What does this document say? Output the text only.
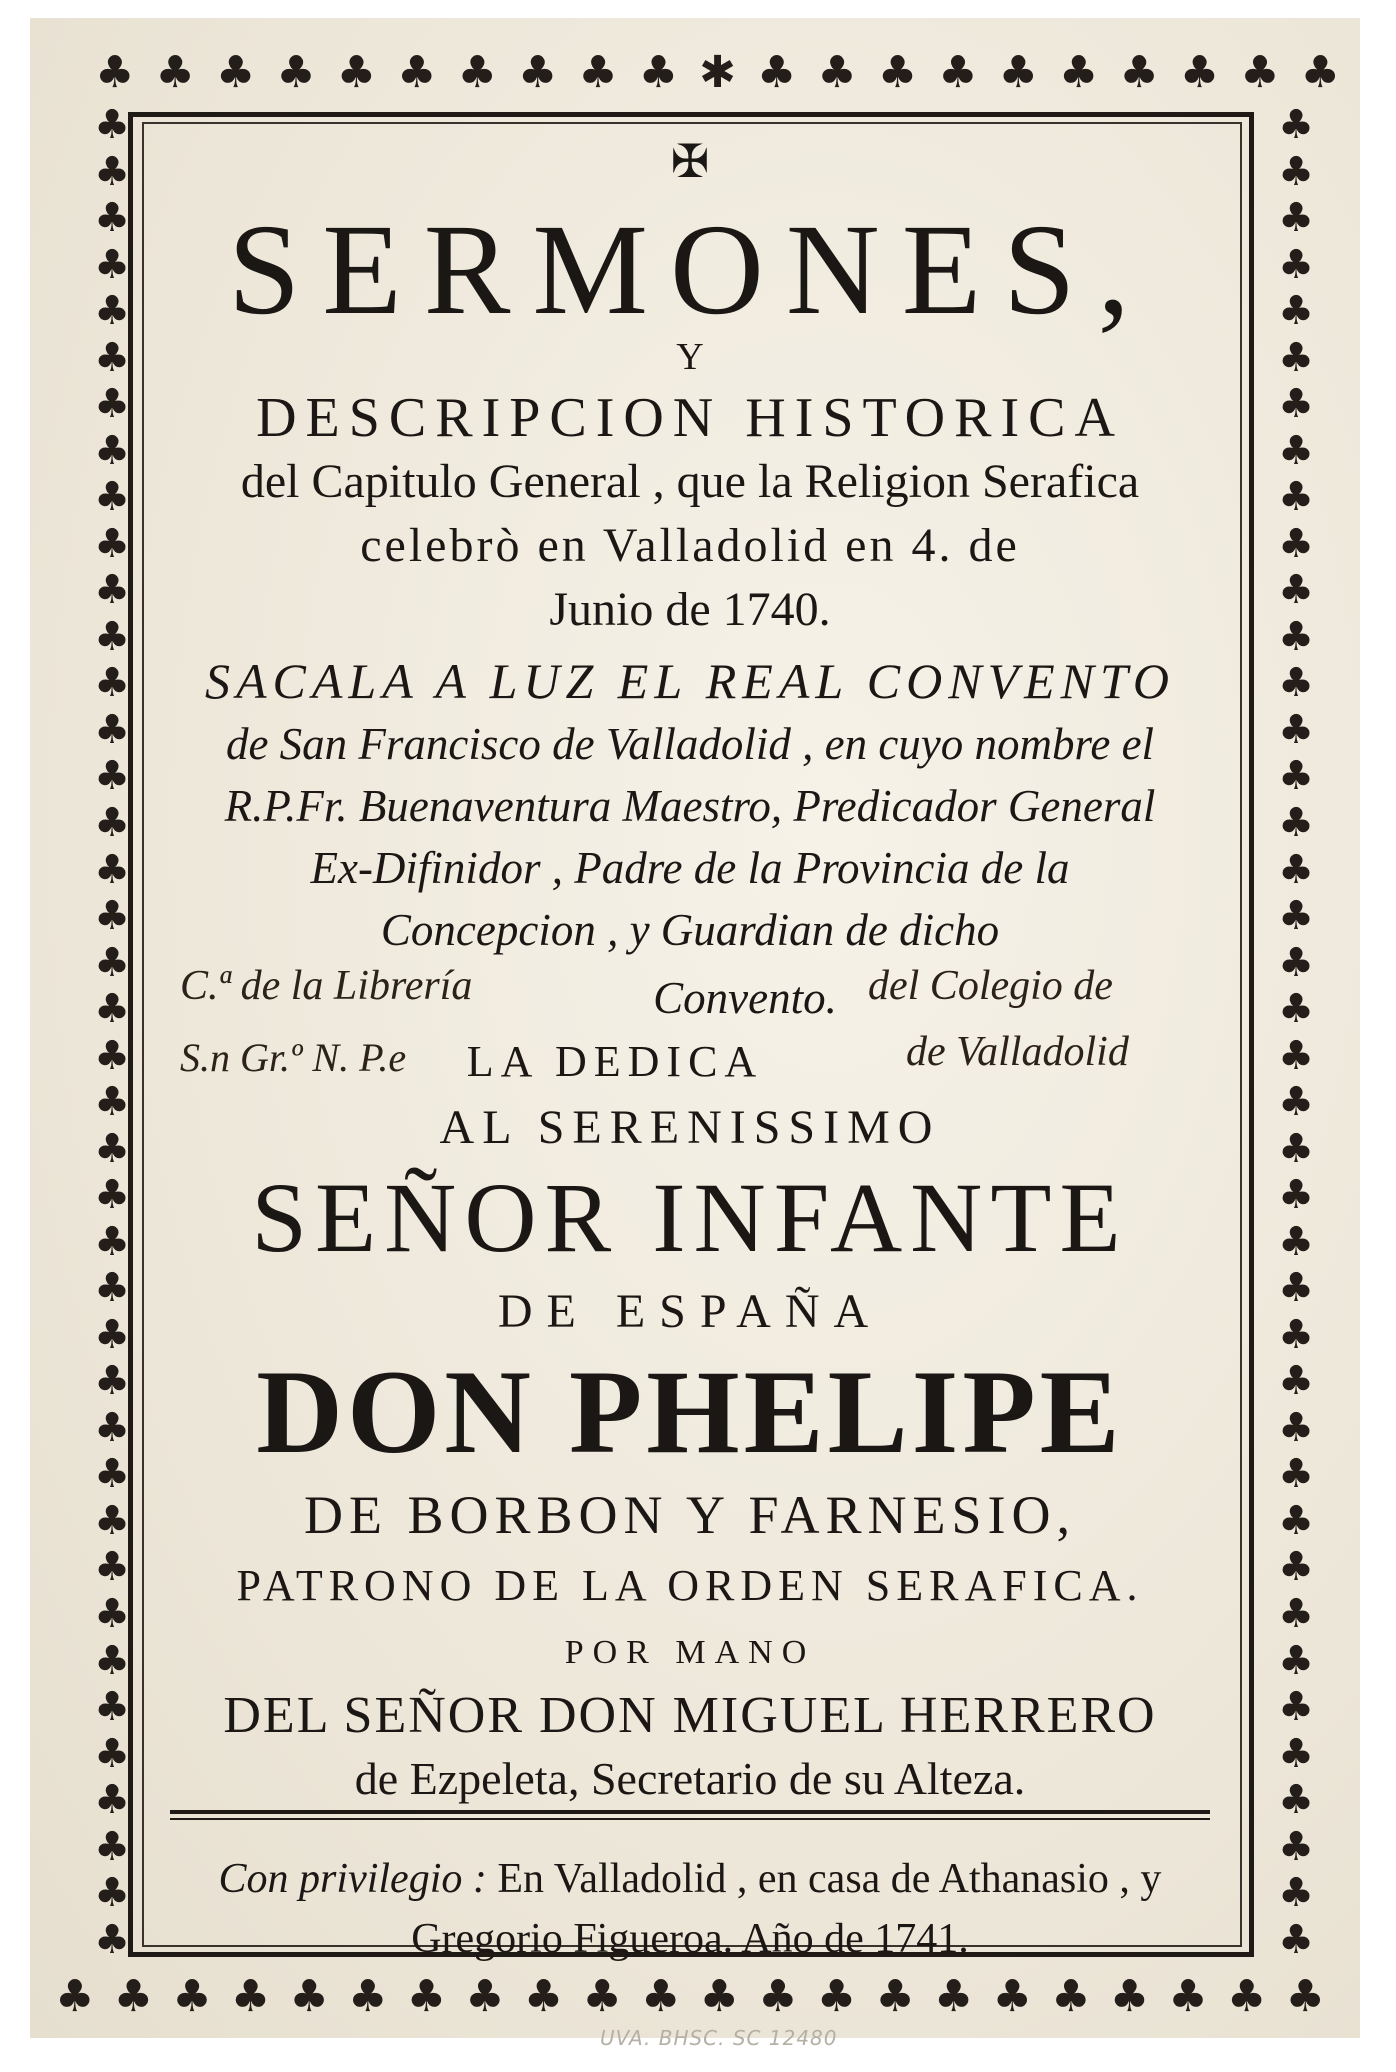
♣ ♣ ♣ ♣ ♣ ♣ ♣ ♣ ♣ ♣ ✱ ♣ ♣ ♣ ♣ ♣ ♣ ♣ ♣ ♣ ♣
♣ ♣ ♣ ♣ ♣ ♣ ♣ ♣ ♣ ♣ ♣ ♣ ♣ ♣ ♣ ♣ ♣ ♣ ♣ ♣ ♣ ♣
♣
♣
♣
♣
♣
♣
♣
♣
♣
♣
♣
♣
♣
♣
♣
♣
♣
♣
♣
♣
♣
♣
♣
♣
♣
♣
♣
♣
♣
♣
♣
♣
♣
♣
♣
♣
♣
♣
♣
♣
♣
♣
♣
♣
♣
♣
♣
♣
♣
♣
♣
♣
♣
♣
♣
♣
♣
♣
♣
♣
♣
♣
♣
♣
♣
♣
♣
♣
♣
♣
♣
♣
♣
♣
♣
♣
♣
♣
♣
♣
✠
SERMONES,
Y
DESCRIPCION HISTORICA
del Capitulo General , que la Religion Serafica
celebrò en Valladolid en 4. de
Junio de 1740.
SACALA A LUZ EL REAL CONVENTO
de San Francisco de Valladolid , en cuyo nombre el
R.P.Fr. Buenaventura Maestro, Predicador General
Ex-Difinidor , Padre de la Provincia de la
Concepcion , y Guardian de dicho
Convento.
LA DEDICA
AL SERENISSIMO
SEÑOR INFANTE
DE ESPAÑA
DON PHELIPE
DE BORBON Y FARNESIO,
PATRONO DE LA ORDEN SERAFICA.
POR MANO
DEL SEÑOR DON MIGUEL HERRERO
de Ezpeleta, Secretario de su Alteza.
Con privilegio : En Valladolid , en casa de Athanasio , y
Gregorio Figueroa. Año de 1741.
C.ª de la Librería	del Colegio de
S.n Gr.º N. P.e	de Valladolid
UVA. BHSC. SC 12480
